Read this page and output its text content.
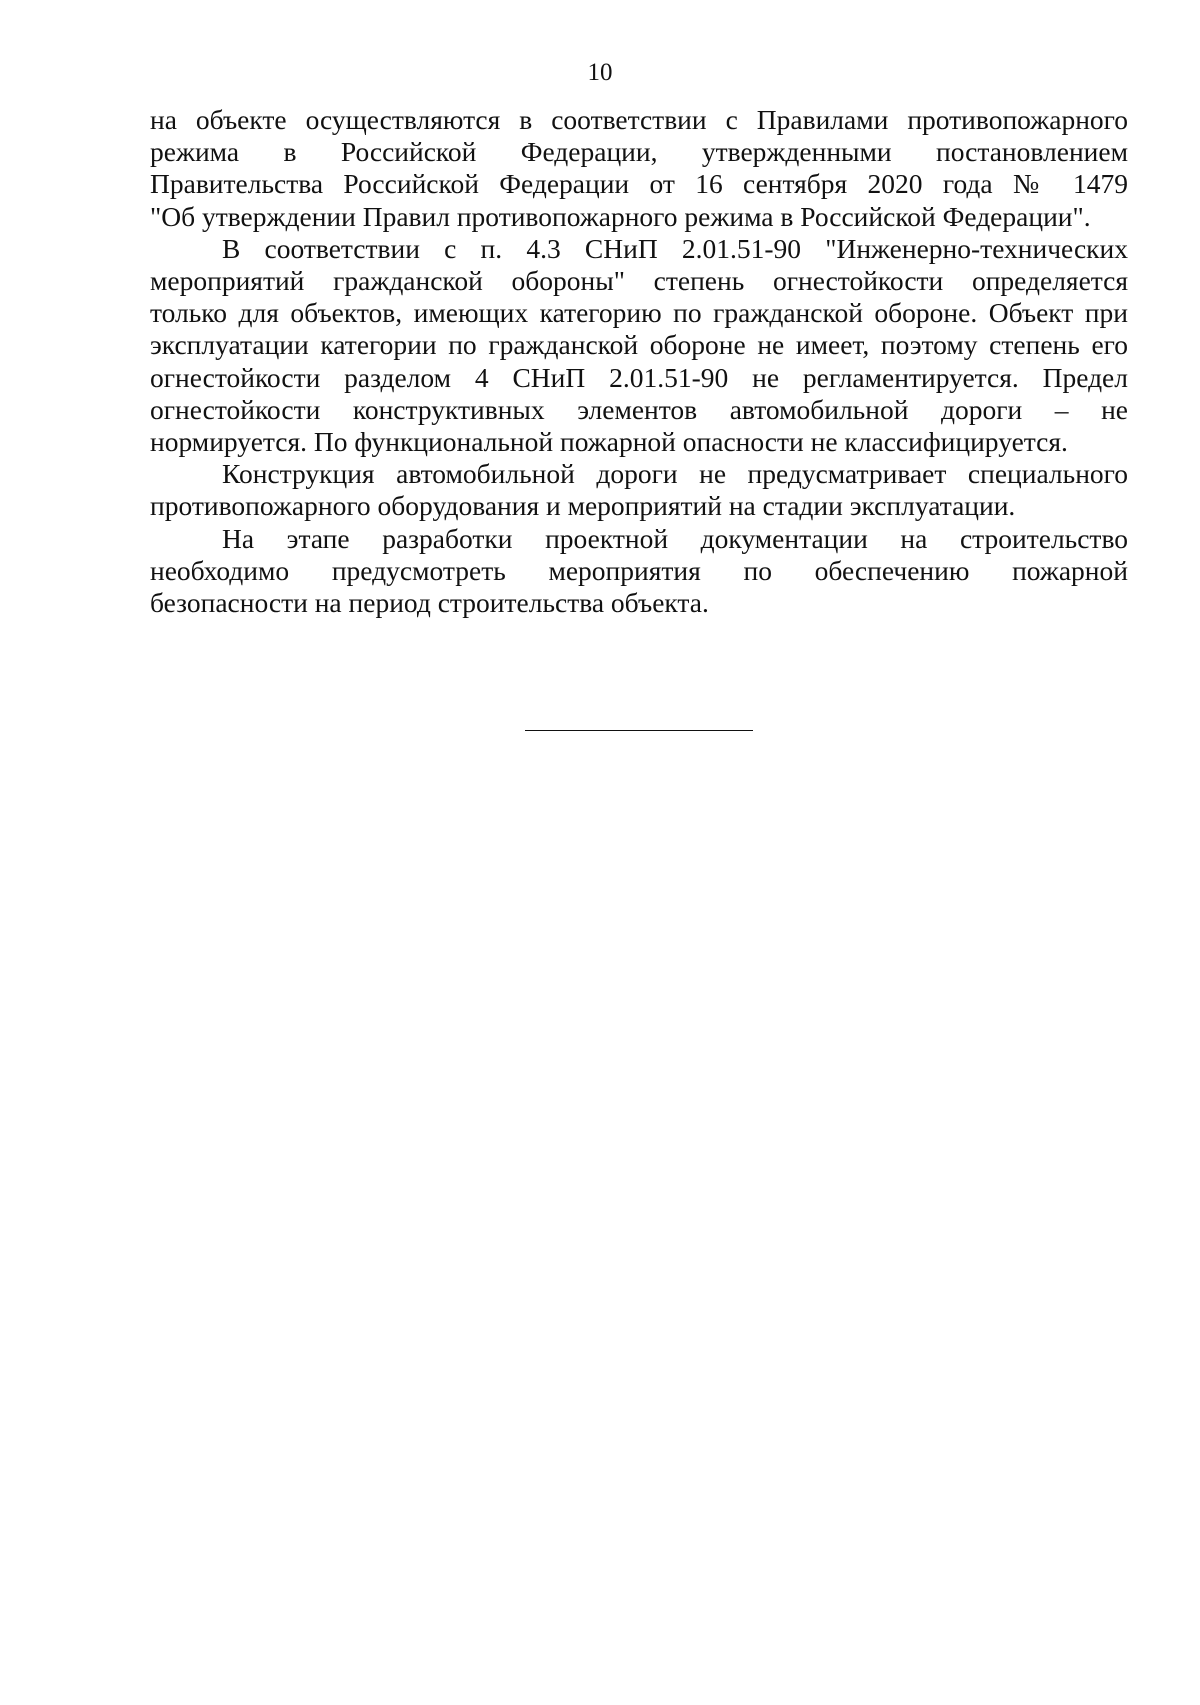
10

на объекте осуществляются в соответствии с Правилами противопожарного
режима в Российской Федерации, утвержденными постановлением
Правительства Российской Федерации от 16 сентября 2020 года № 1479
"Об утверждении Правил противопожарного режима в Российской Федерации".

В соответствии с п. 4.3 СНиП 2.01.51-90 "Инженерно-технических
мероприятий гражданской обороны" степень огнестойкости определяется
только для объектов, имеющих категорию по гражданской обороне. Объект при
эксплуатации категории по гражданской обороне не имеет, поэтому степень его
огнестойкости разделом 4 СНиП 2.01.51-90 не регламентируется. Предел
огнестойкости конструктивных элементов автомобильной дороги – не
нормируется. По функциональной пожарной опасности не классифицируется.

Конструкция автомобильной дороги не предусматривает специального
противопожарного оборудования и мероприятий на стадии эксплуатации.

На этапе разработки проектной документации на строительство
необходимо предусмотреть мероприятия по обеспечению пожарной
безопасности на период строительства объекта.
